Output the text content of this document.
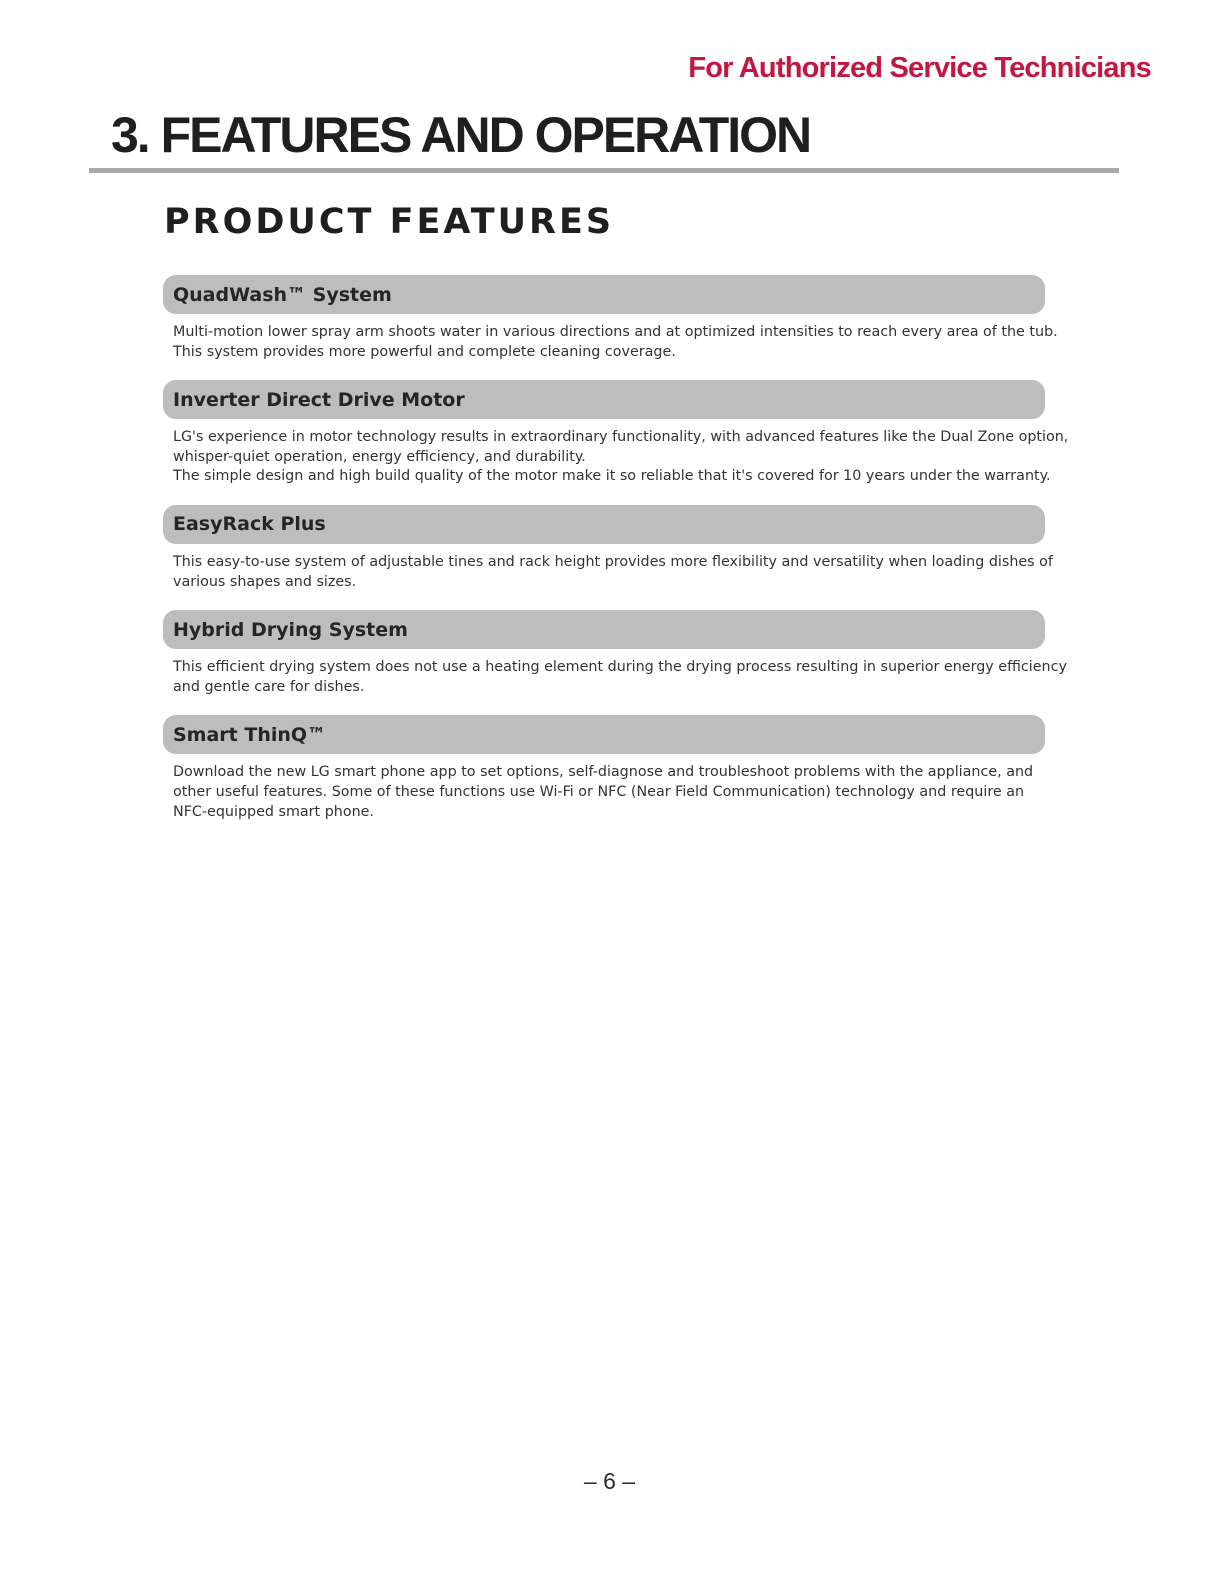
For Authorized Service Technicians
3. FEATURES AND OPERATION
PRODUCT FEATURES
QuadWash™ System
Multi-motion lower spray arm shoots water in various directions and at optimized intensities to reach every area of the tub.
This system provides more powerful and complete cleaning coverage.
Inverter Direct Drive Motor
LG's experience in motor technology results in extraordinary functionality, with advanced features like the Dual Zone option,
whisper-quiet operation, energy efficiency, and durability.
The simple design and high build quality of the motor make it so reliable that it's covered for 10 years under the warranty.
EasyRack Plus
This easy-to-use system of adjustable tines and rack height provides more flexibility and versatility when loading dishes of
various shapes and sizes.
Hybrid Drying System
This efficient drying system does not use a heating element during the drying process resulting in superior energy efficiency
and gentle care for dishes.
Smart ThinQ™
Download the new LG smart phone app to set options, self-diagnose and troubleshoot problems with the appliance, and
other useful features. Some of these functions use Wi-Fi or NFC (Near Field Communication) technology and require an
NFC-equipped smart phone.
– 6 –
